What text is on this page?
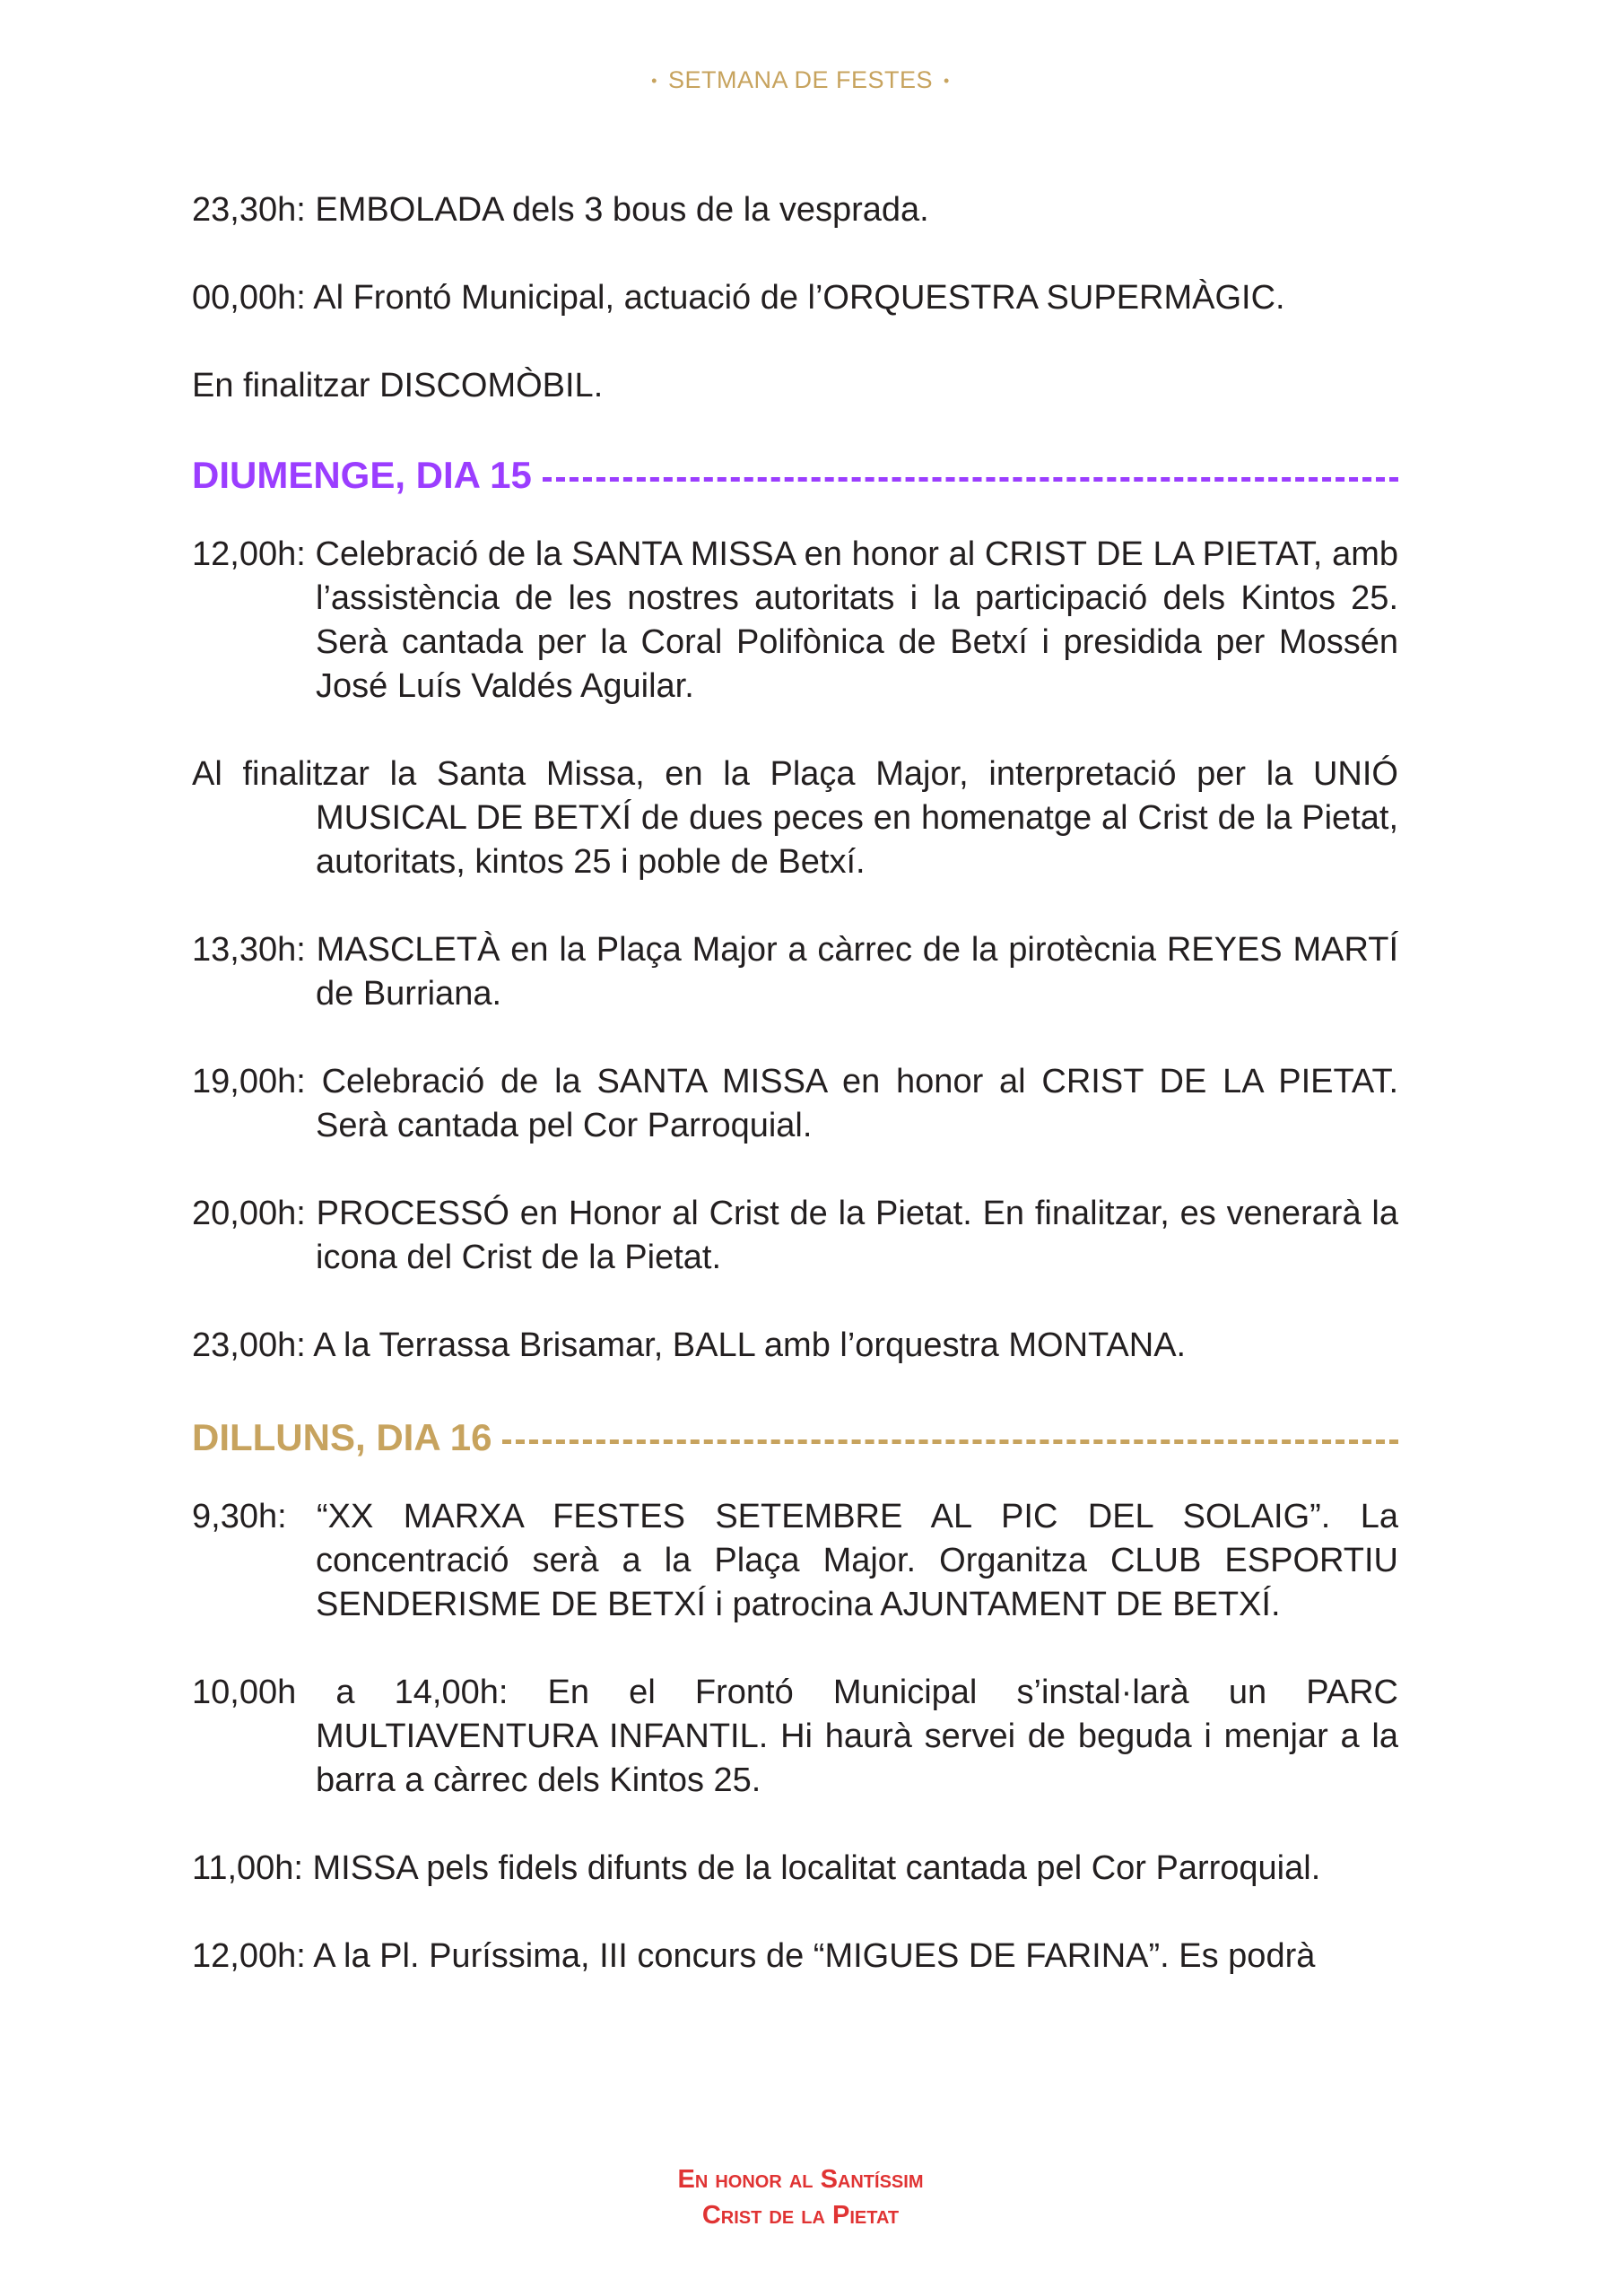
• SETMANA DE FESTES •

23,30h: EMBOLADA dels 3 bous de la vesprada.

00,00h: Al Frontó Municipal, actuació de l’ORQUESTRA SUPERMÀGIC.

En finalitzar DISCOMÒBIL.

DIUMENGE, DIA 15

12,00h: Celebració de la SANTA MISSA en honor al CRIST DE LA PIETAT, amb l’assistència de les nostres autoritats i la participació dels Kintos 25. Serà cantada per la Coral Polifònica de Betxí i presidida per Mossén José Luís Valdés Aguilar.

Al finalitzar la Santa Missa, en la Plaça Major, interpretació per la UNIÓ MUSICAL DE BETXÍ de dues peces en homenatge al Crist de la Pietat, autoritats, kintos 25 i poble de Betxí.

13,30h: MASCLETÀ en la Plaça Major a càrrec de la pirotècnia REYES MARTÍ de Burriana.

19,00h: Celebració de la SANTA MISSA en honor al CRIST DE LA PIETAT. Serà cantada pel Cor Parroquial.

20,00h: PROCESSÓ en Honor al Crist de la Pietat. En finalitzar, es venerarà la icona del Crist de la Pietat.

23,00h: A la Terrassa Brisamar, BALL amb l’orquestra MONTANA.

DILLUNS, DIA 16

9,30h: “XX MARXA FESTES SETEMBRE AL PIC DEL SOLAIG”. La concentració serà a la Plaça Major. Organitza CLUB ESPORTIU SENDERISME DE BETXÍ i patrocina AJUNTAMENT DE BETXÍ.

10,00h a 14,00h: En el Frontó Municipal s’instal·larà un PARC MULTIAVENTURA INFANTIL. Hi haurà servei de beguda i menjar a la barra a càrrec dels Kintos 25.

11,00h: MISSA pels fidels difunts de la localitat cantada pel Cor Parroquial.

12,00h: A la Pl. Puríssima, III concurs de “MIGUES DE FARINA”. Es podrà

En honor al Santíssim
Crist de la Pietat
